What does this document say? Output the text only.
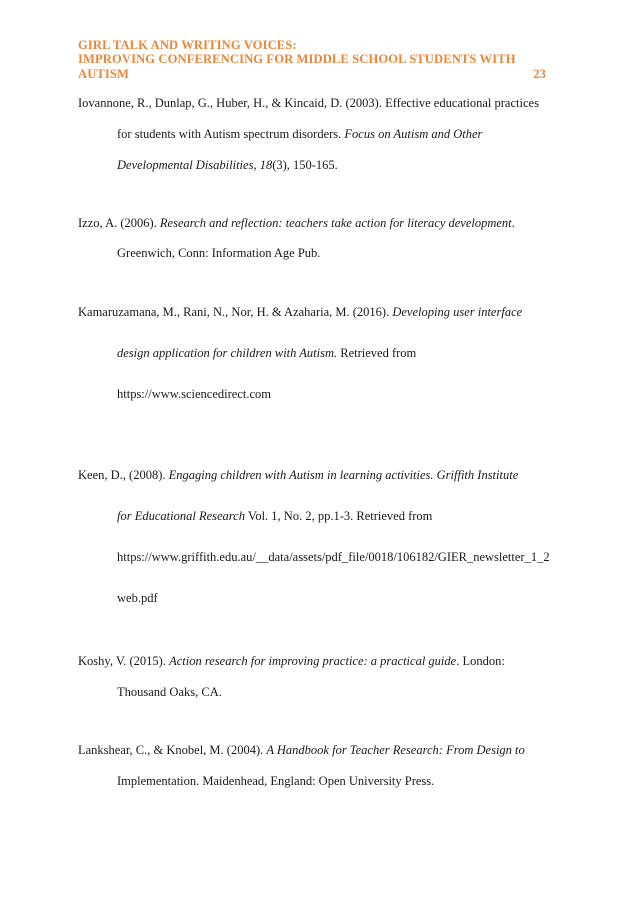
GIRL TALK AND WRITING VOICES:
IMPROVING CONFERENCING FOR MIDDLE SCHOOL STUDENTS WITH
AUTISM	23
Iovannone, R., Dunlap, G., Huber, H., & Kincaid, D. (2003). Effective educational practices
for students with Autism spectrum disorders. Focus on Autism and Other
Developmental Disabilities, 18(3), 150-165.
Izzo, A. (2006). Research and reflection: teachers take action for literacy development.
Greenwich, Conn: Information Age Pub.
Kamaruzamana, M., Rani, N., Nor, H. & Azaharia, M. (2016). Developing user interface
design application for children with Autism. Retrieved from
https://www.sciencedirect.com
Keen, D., (2008). Engaging children with Autism in learning activities. Griffith Institute
for Educational Research Vol. 1, No. 2, pp.1-3. Retrieved from
https://www.griffith.edu.au/__data/assets/pdf_file/0018/106182/GIER_newsletter_1_2
web.pdf
Koshy, V. (2015). Action research for improving practice: a practical guide. London:
Thousand Oaks, CA.
Lankshear, C., & Knobel, M. (2004). A Handbook for Teacher Research: From Design to
Implementation. Maidenhead, England: Open University Press.
